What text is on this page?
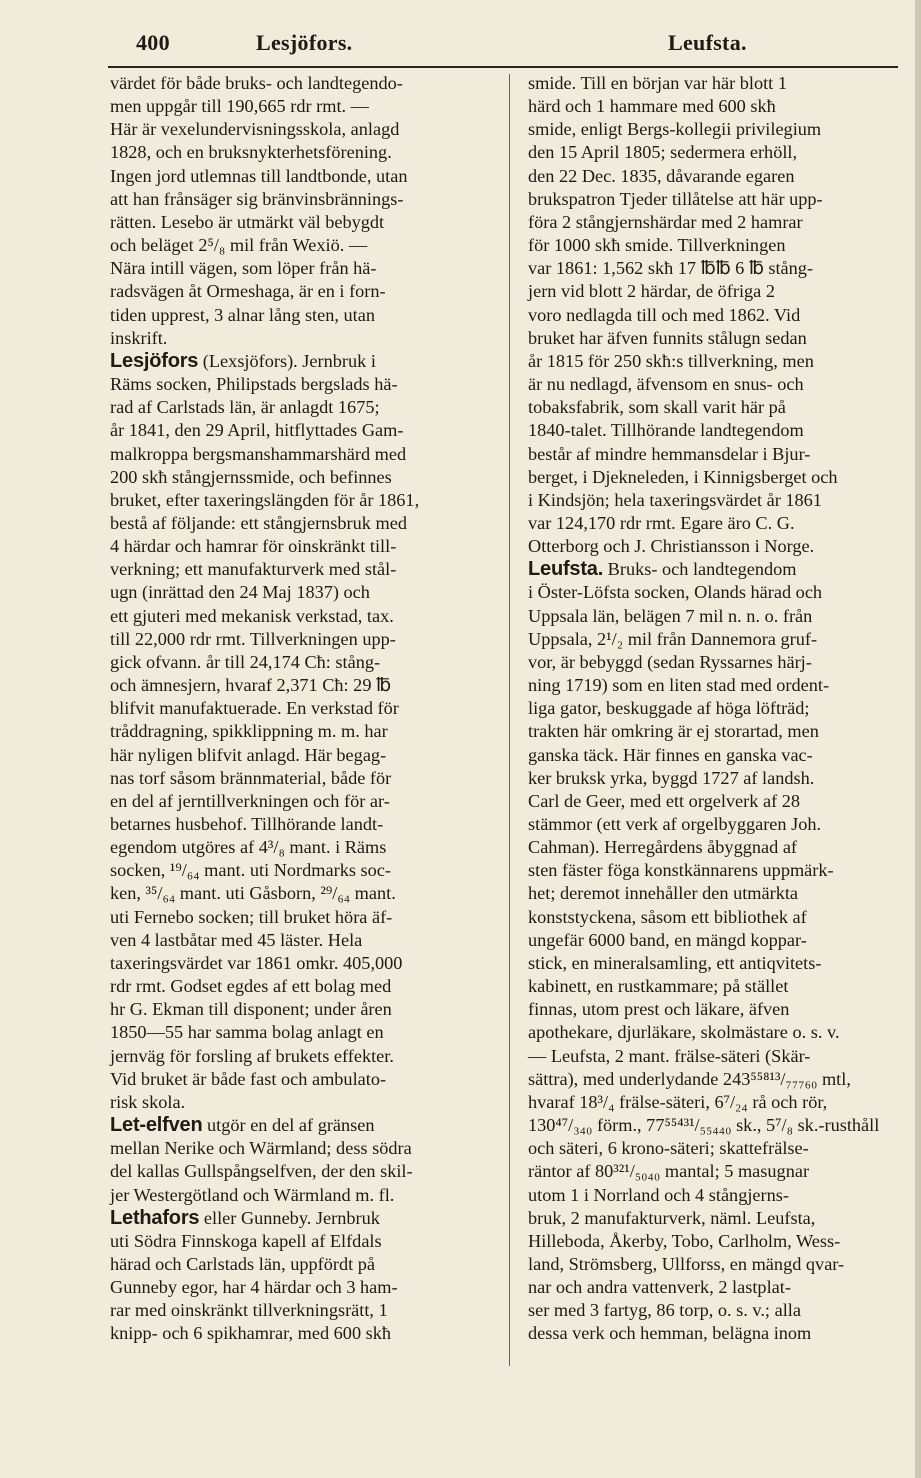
400	Lesjöfors.	Leufsta.

värdet för både bruks- och landtegendo-
men uppgår till 190,665 rdr rmt. —
Här är vexelundervisningsskola, anlagd
1828, och en bruksnykterhetsförening.
Ingen jord utlemnas till landtbonde, utan
att han frånsäger sig bränvinsbrännings-
rätten. Lesebo är utmärkt väl bebygdt
och beläget 2⁵/₈ mil från Wexiö. —
Nära intill vägen, som löper från hä-
radsvägen åt Ormeshaga, är en i forn-
tiden upprest, 3 alnar lång sten, utan
inskrift.

Lesjöfors (Lexsjöfors). Jernbruk i
Räms socken, Philipstads bergslads hä-
rad af Carlstads län, är anlagdt 1675;
år 1841, den 29 April, hitflyttades Gam-
malkroppa bergsmanshammarshärd med
200 skħ stångjernssmide, och befinnes
bruket, efter taxeringslängden för år 1861,
bestå af följande: ett stångjernsbruk med
4 härdar och hamrar för oinskränkt till-
verkning; ett manufakturverk med stål-
ugn (inrättad den 24 Maj 1837) och
ett gjuteri med mekanisk verkstad, tax.
till 22,000 rdr rmt. Tillverkningen upp-
gick ofvann. år till 24,174 Cħ: stång-
och ämnesjern, hvaraf 2,371 Cħ: 29 ℔
blifvit manufaktuerade. En verkstad för
tråddragning, spikklippning m. m. har
här nyligen blifvit anlagd. Här begag-
nas torf såsom brännmaterial, både för
en del af jerntillverkningen och för ar-
betarnes husbehof. Tillhörande landt-
egendom utgöres af 4³/₈ mant. i Räms
socken, ¹⁹/₆₄ mant. uti Nordmarks soc-
ken, ³⁵/₆₄ mant. uti Gåsborn, ²⁹/₆₄ mant.
uti Fernebo socken; till bruket höra äf-
ven 4 lastbåtar med 45 läster. Hela
taxeringsvärdet var 1861 omkr. 405,000
rdr rmt. Godset egdes af ett bolag med
hr G. Ekman till disponent; under åren
1850—55 har samma bolag anlagt en
jernväg för forsling af brukets effekter.
Vid bruket är både fast och ambulato-
risk skola.

Let-elfven utgör en del af gränsen
mellan Nerike och Wärmland; dess södra
del kallas Gullspångselfven, der den skil-
jer Westergötland och Wärmland m. fl.

Lethafors eller Gunneby. Jernbruk
uti Södra Finnskoga kapell af Elfdals
härad och Carlstads län, uppfördt på
Gunneby egor, har 4 härdar och 3 ham-
rar med oinskränkt tillverkningsrätt, 1
knipp- och 6 spikhamrar, med 600 skħ

smide. Till en början var här blott 1
härd och 1 hammare med 600 skħ
smide, enligt Bergs-kollegii privilegium
den 15 April 1805; sedermera erhöll,
den 22 Dec. 1835, dåvarande egaren
brukspatron Tjeder tillåtelse att här upp-
föra 2 stångjernshärdar med 2 hamrar
för 1000 skħ smide. Tillverkningen
var 1861: 1,562 skħ 17 ℔℔ 6 ℔ stång-
jern vid blott 2 härdar, de öfriga 2
voro nedlagda till och med 1862. Vid
bruket har äfven funnits stålugn sedan
år 1815 för 250 skħ:s tillverkning, men
är nu nedlagd, äfvensom en snus- och
tobaksfabrik, som skall varit här på
1840-talet. Tillhörande landtegendom
består af mindre hemmansdelar i Bjur-
berget, i Djekneleden, i Kinnigsberget och
i Kindsjön; hela taxeringsvärdet år 1861
var 124,170 rdr rmt. Egare äro C. G.
Otterborg och J. Christiansson i Norge.

Leufsta. Bruks- och landtegendom
i Öster-Löfsta socken, Olands härad och
Uppsala län, belägen 7 mil n. n. o. från
Uppsala, 2¹/₂ mil från Dannemora gruf-
vor, är bebyggd (sedan Ryssarnes härj-
ning 1719) som en liten stad med ordent-
liga gator, beskuggade af höga löfträd;
trakten här omkring är ej storartad, men
ganska täck. Här finnes en ganska vac-
ker bruksk yrka, byggd 1727 af landsh.
Carl de Geer, med ett orgelverk af 28
stämmor (ett verk af orgelbyggaren Joh.
Cahman). Herregårdens åbyggnad af
sten fäster föga konstkännarens uppmärk-
het; deremot innehåller den utmärkta
konststyckena, såsom ett bibliothek af
ungefär 6000 band, en mängd koppar-
stick, en mineralsamling, ett antiqvitets-
kabinett, en rustkammare; på stället
finnas, utom prest och läkare, äfven
apothekare, djurläkare, skolmästare o. s. v.
— Leufsta, 2 mant. frälse-säteri (Skär-
sättra), med underlydande 243⁵⁵⁸¹³/₇₇₇₆₀ mtl,
hvaraf 18³/₄ frälse-säteri, 6⁷/₂₄ rå och rör,
130⁴⁷/₃₄₀ förm., 77⁵⁵⁴³¹/₅₅₄₄₀ sk., 5⁷/₈ sk.-rusthåll
och säteri, 6 krono-säteri; skattefrälse-
räntor af 80³²¹/₅₀₄₀ mantal; 5 masugnar
utom 1 i Norrland och 4 stångjerns-
bruk, 2 manufakturverk, näml. Leufsta,
Hilleboda, Åkerby, Tobo, Carlholm, Wess-
land, Strömsberg, Ullforss, en mängd qvar-
nar och andra vattenverk, 2 lastplat-
ser med 3 fartyg, 86 torp, o. s. v.; alla
dessa verk och hemman, belägna inom
